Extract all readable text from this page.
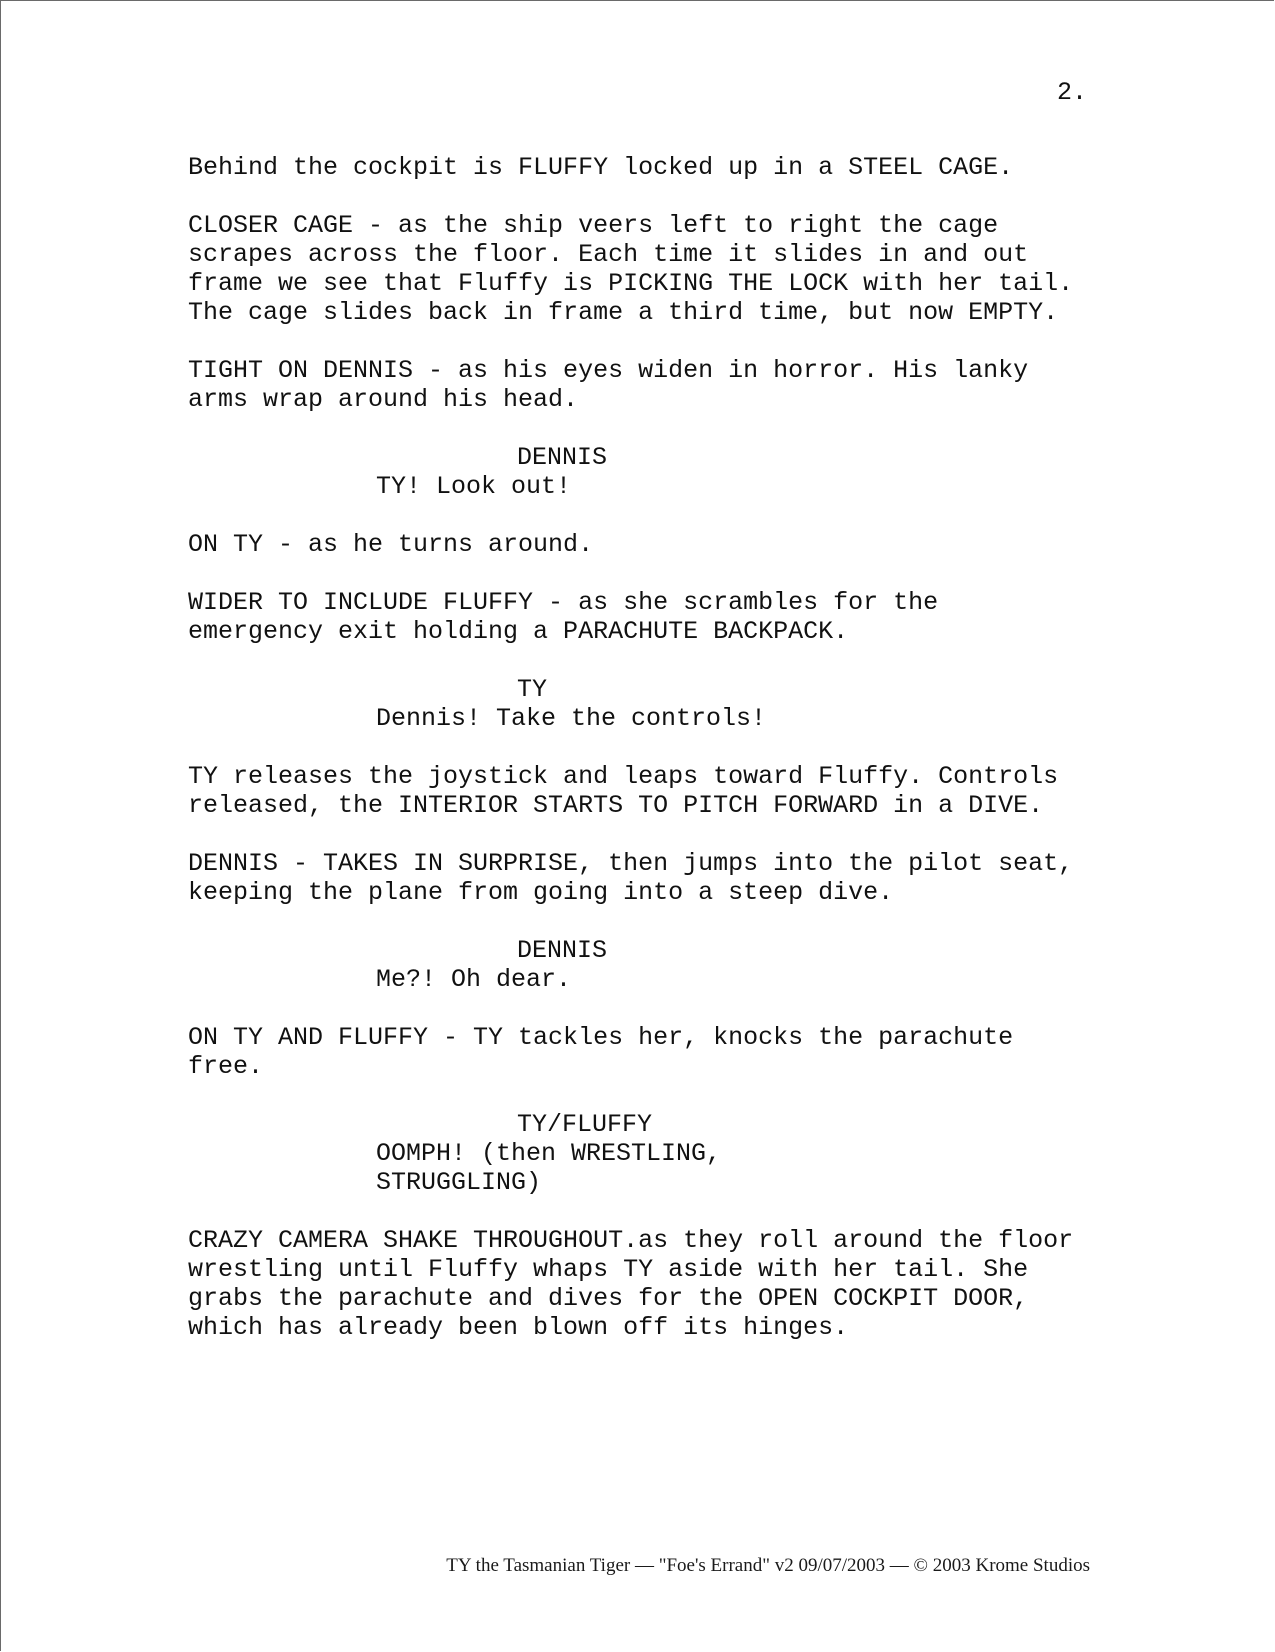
2.

Behind the cockpit is FLUFFY locked up in a STEEL CAGE.

CLOSER CAGE - as the ship veers left to right the cage
scrapes across the floor. Each time it slides in and out
frame we see that Fluffy is PICKING THE LOCK with her tail.
The cage slides back in frame a third time, but now EMPTY.

TIGHT ON DENNIS - as his eyes widen in horror. His lanky
arms wrap around his head.

DENNIS

TY! Look out!

ON TY - as he turns around.

WIDER TO INCLUDE FLUFFY - as she scrambles for the
emergency exit holding a PARACHUTE BACKPACK.

TY

Dennis! Take the controls!

TY releases the joystick and leaps toward Fluffy. Controls
released, the INTERIOR STARTS TO PITCH FORWARD in a DIVE.

DENNIS - TAKES IN SURPRISE, then jumps into the pilot seat,
keeping the plane from going into a steep dive.

DENNIS

Me?! Oh dear.

ON TY AND FLUFFY - TY tackles her, knocks the parachute
free.

TY/FLUFFY

OOMPH! (then WRESTLING,
STRUGGLING)

CRAZY CAMERA SHAKE THROUGHOUT.as they roll around the floor
wrestling until Fluffy whaps TY aside with her tail. She
grabs the parachute and dives for the OPEN COCKPIT DOOR,
which has already been blown off its hinges.

TY the Tasmanian Tiger — "Foe's Errand" v2 09/07/2003 — © 2003 Krome Studios
